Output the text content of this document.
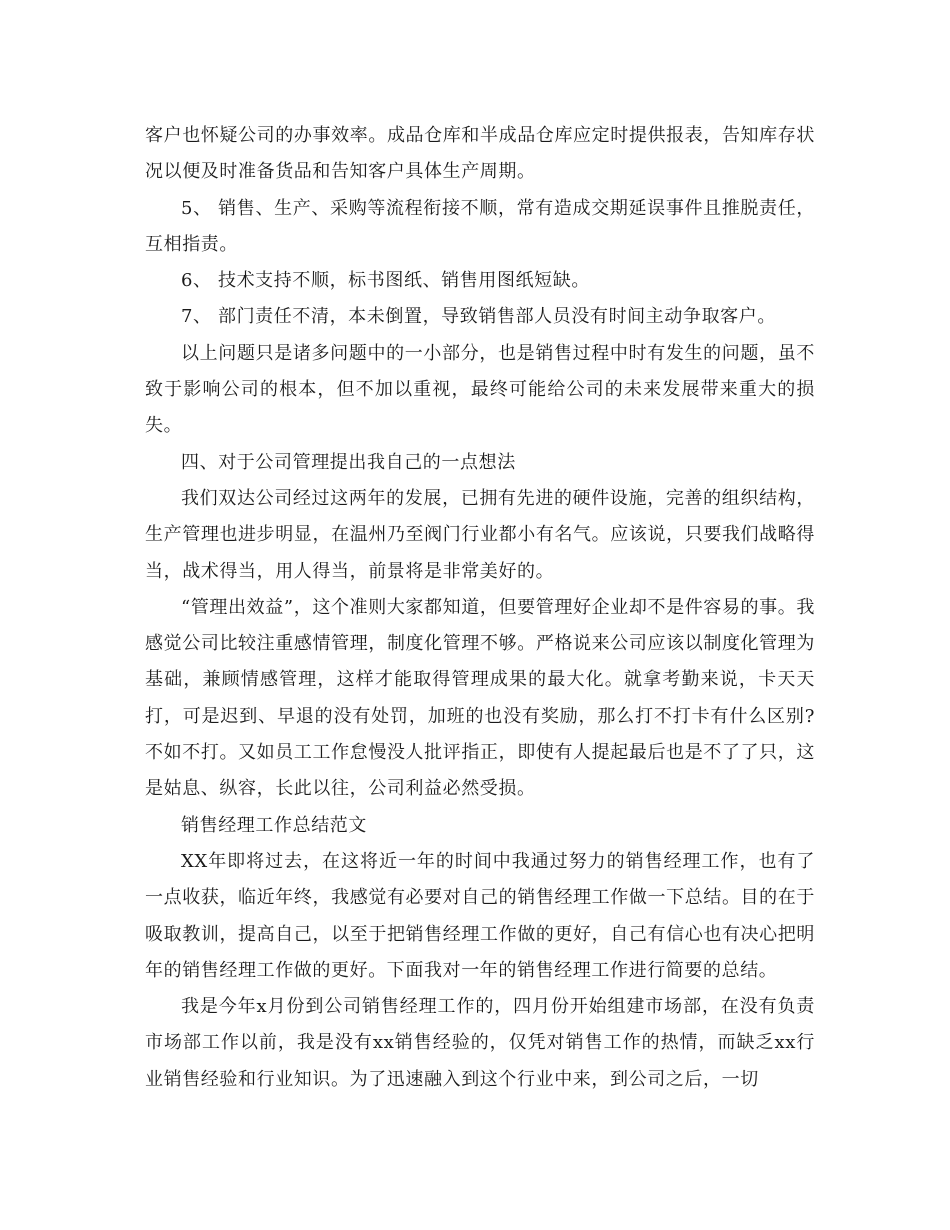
客户也怀疑公司的办事效率。成品仓库和半成品仓库应定时提供报表，告知库存状况以便及时准备货品和告知客户具体生产周期。

5、 销售、生产、采购等流程衔接不顺，常有造成交期延误事件且推脱责任，互相指责。

6、 技术支持不顺，标书图纸、销售用图纸短缺。

7、 部门责任不清，本未倒置，导致销售部人员没有时间主动争取客户。

以上问题只是诸多问题中的一小部分，也是销售过程中时有发生的问题，虽不致于影响公司的根本，但不加以重视，最终可能给公司的未来发展带来重大的损失。

四、对于公司管理提出我自己的一点想法

我们双达公司经过这两年的发展，已拥有先进的硬件设施，完善的组织结构，生产管理也进步明显，在温州乃至阀门行业都小有名气。应该说，只要我们战略得当，战术得当，用人得当，前景将是非常美好的。

“管理出效益”，这个准则大家都知道，但要管理好企业却不是件容易的事。我感觉公司比较注重感情管理，制度化管理不够。严格说来公司应该以制度化管理为基础，兼顾情感管理，这样才能取得管理成果的最大化。就拿考勤来说，卡天天打，可是迟到、早退的没有处罚，加班的也没有奖励，那么打不打卡有什么区别?不如不打。又如员工工作怠慢没人批评指正，即使有人提起最后也是不了了只，这是姑息、纵容，长此以往，公司利益必然受损。

销售经理工作总结范文

XX年即将过去，在这将近一年的时间中我通过努力的销售经理工作，也有了一点收获，临近年终，我感觉有必要对自己的销售经理工作做一下总结。目的在于吸取教训，提高自己，以至于把销售经理工作做的更好，自己有信心也有决心把明年的销售经理工作做的更好。下面我对一年的销售经理工作进行简要的总结。

我是今年x月份到公司销售经理工作的，四月份开始组建市场部，在没有负责市场部工作以前，我是没有xx销售经验的，仅凭对销售工作的热情，而缺乏xx行业销售经验和行业知识。为了迅速融入到这个行业中来，到公司之后，一切
